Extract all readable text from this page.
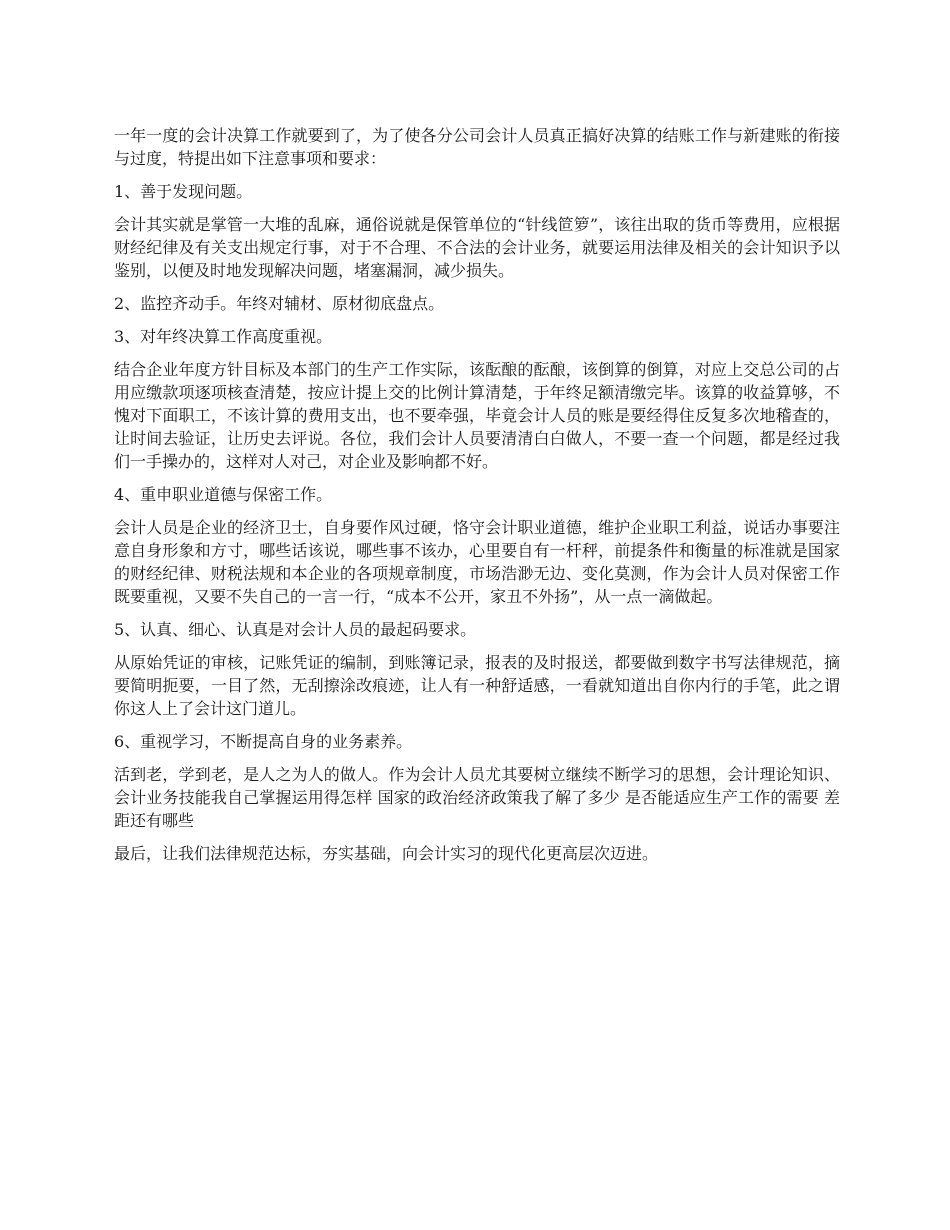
一年一度的会计决算工作就要到了，为了使各分公司会计人员真正搞好决算的结账工作与新建账的衔接与过度，特提出如下注意事项和要求：

1、善于发现问题。

会计其实就是掌管一大堆的乱麻，通俗说就是保管单位的“针线笸箩”，该往出取的货币等费用，应根据财经纪律及有关支出规定行事，对于不合理、不合法的会计业务，就要运用法律及相关的会计知识予以鉴别，以便及时地发现解决问题，堵塞漏洞，减少损失。

2、监控齐动手。年终对辅材、原材彻底盘点。

3、对年终决算工作高度重视。

结合企业年度方针目标及本部门的生产工作实际，该酝酿的酝酿，该倒算的倒算，对应上交总公司的占用应缴款项逐项核查清楚，按应计提上交的比例计算清楚，于年终足额清缴完毕。该算的收益算够，不愧对下面职工，不该计算的费用支出，也不要牵强，毕竟会计人员的账是要经得住反复多次地稽查的，让时间去验证，让历史去评说。各位，我们会计人员要清清白白做人，不要一查一个问题，都是经过我们一手操办的，这样对人对己，对企业及影响都不好。

4、重申职业道德与保密工作。

会计人员是企业的经济卫士，自身要作风过硬，恪守会计职业道德，维护企业职工利益，说话办事要注意自身形象和方寸，哪些话该说，哪些事不该办，心里要自有一杆秤，前提条件和衡量的标准就是国家的财经纪律、财税法规和本企业的各项规章制度，市场浩渺无边、变化莫测，作为会计人员对保密工作既要重视，又要不失自己的一言一行，“成本不公开，家丑不外扬”，从一点一滴做起。

5、认真、细心、认真是对会计人员的最起码要求。

从原始凭证的审核，记账凭证的编制，到账簿记录，报表的及时报送，都要做到数字书写法律规范，摘要简明扼要，一目了然，无刮擦涂改痕迹，让人有一种舒适感，一看就知道出自你内行的手笔，此之谓你这人上了会计这门道儿。

6、重视学习，不断提高自身的业务素养。

活到老，学到老，是人之为人的做人。作为会计人员尤其要树立继续不断学习的思想，会计理论知识、会计业务技能我自己掌握运用得怎样 国家的政治经济政策我了解了多少 是否能适应生产工作的需要 差距还有哪些

最后，让我们法律规范达标，夯实基础，向会计实习的现代化更高层次迈进。
